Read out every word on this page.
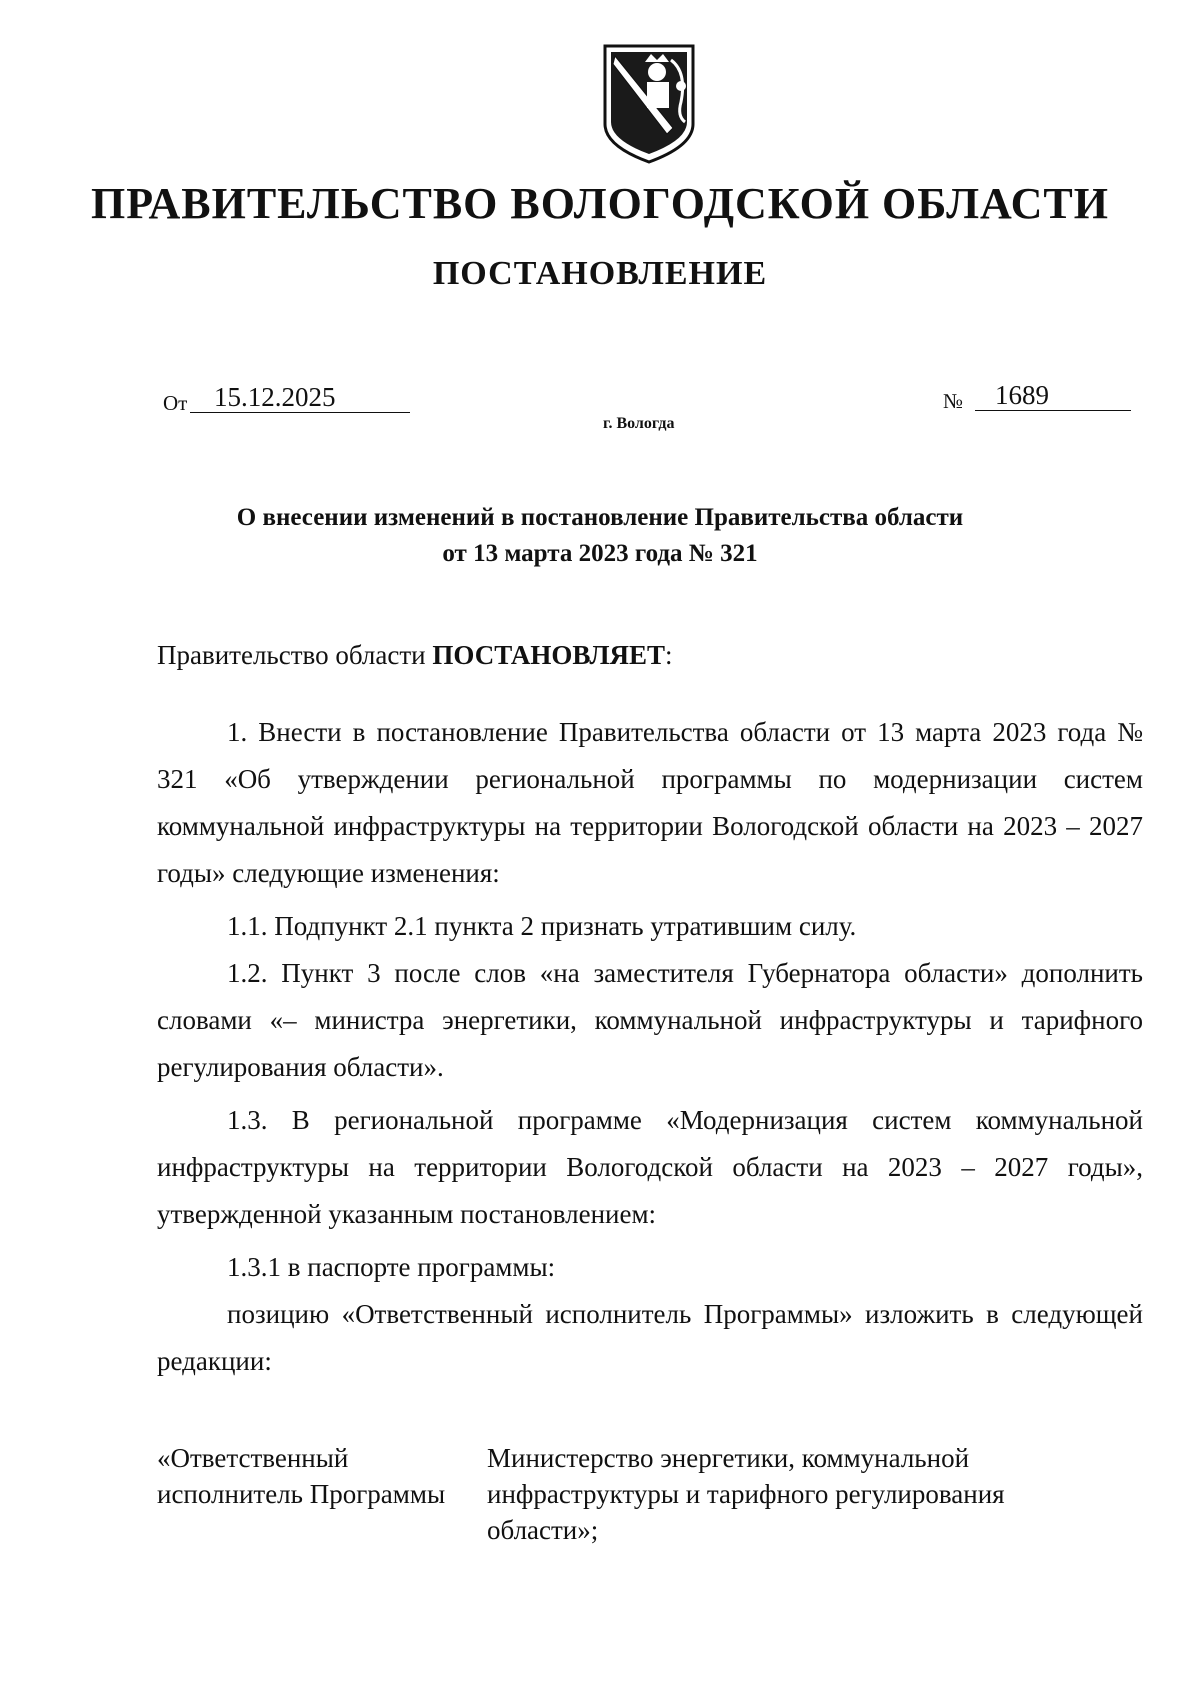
ПРАВИТЕЛЬСТВО ВОЛОГОДСКОЙ ОБЛАСТИ
ПОСТАНОВЛЕНИЕ
От 15.12.2025	№	1689
г. Вологда
О внесении изменений в постановление Правительства области
от 13 марта 2023 года № 321
Правительство области ПОСТАНОВЛЯЕТ:
1. Внести в постановление Правительства области от 13 марта 2023 года № 321 «Об утверждении региональной программы по модернизации систем коммунальной инфраструктуры на территории Вологодской области на 2023 – 2027 годы» следующие изменения:
1.1. Подпункт 2.1 пункта 2 признать утратившим силу.
1.2. Пункт 3 после слов «на заместителя Губернатора области» дополнить словами «– министра энергетики, коммунальной инфраструктуры и тарифного регулирования области».
1.3. В региональной программе «Модернизация систем коммунальной инфраструктуры на территории Вологодской области на 2023 – 2027 годы», утвержденной указанным постановлением:
1.3.1 в паспорте программы:
позицию «Ответственный исполнитель Программы» изложить в следующей редакции:
«Ответственный исполнитель Программы
Министерство энергетики, коммунальной инфраструктуры и тарифного регулирования области»;
